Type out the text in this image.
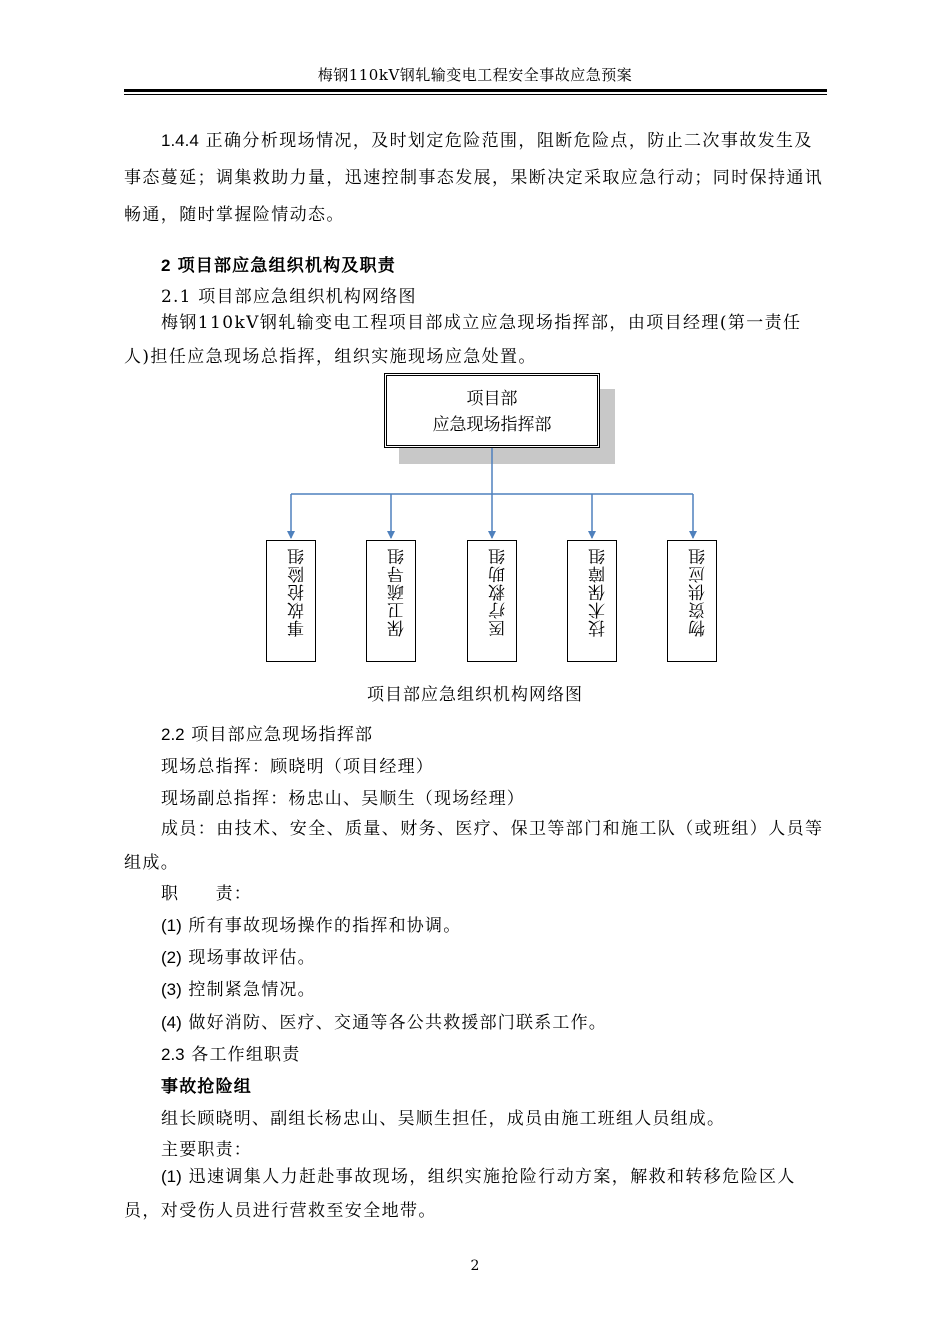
梅钢110kV钢轧输变电工程安全事故应急预案
1.4.4 正确分析现场情况，及时划定危险范围，阻断危险点，防止二次事故发生及事态蔓延；调集救助力量，迅速控制事态发展，果断决定采取应急行动；同时保持通讯畅通，随时掌握险情动态。
2 项目部应急组织机构及职责
2.1 项目部应急组织机构网络图
梅钢110kV钢轧输变电工程项目部成立应急现场指挥部，由项目经理(第一责任人)担任应急现场总指挥，组织实施现场应急处置。
项目部
应急现场指挥部
事故抢险组	保卫疏导组	医疗救助组	技术保障组	物资供应组
项目部应急组织机构网络图
2.2 项目部应急现场指挥部
现场总指挥：顾晓明（项目经理）
现场副总指挥：杨忠山、吴顺生（现场经理）
成员：由技术、安全、质量、财务、医疗、保卫等部门和施工队（或班组）人员等组成。
职　　责：
(1) 所有事故现场操作的指挥和协调。
(2) 现场事故评估。
(3) 控制紧急情况。
(4) 做好消防、医疗、交通等各公共救援部门联系工作。
2.3 各工作组职责
事故抢险组
组长顾晓明、副组长杨忠山、吴顺生担任，成员由施工班组人员组成。
主要职责：
(1) 迅速调集人力赶赴事故现场，组织实施抢险行动方案，解救和转移危险区人员，对受伤人员进行营救至安全地带。
2
